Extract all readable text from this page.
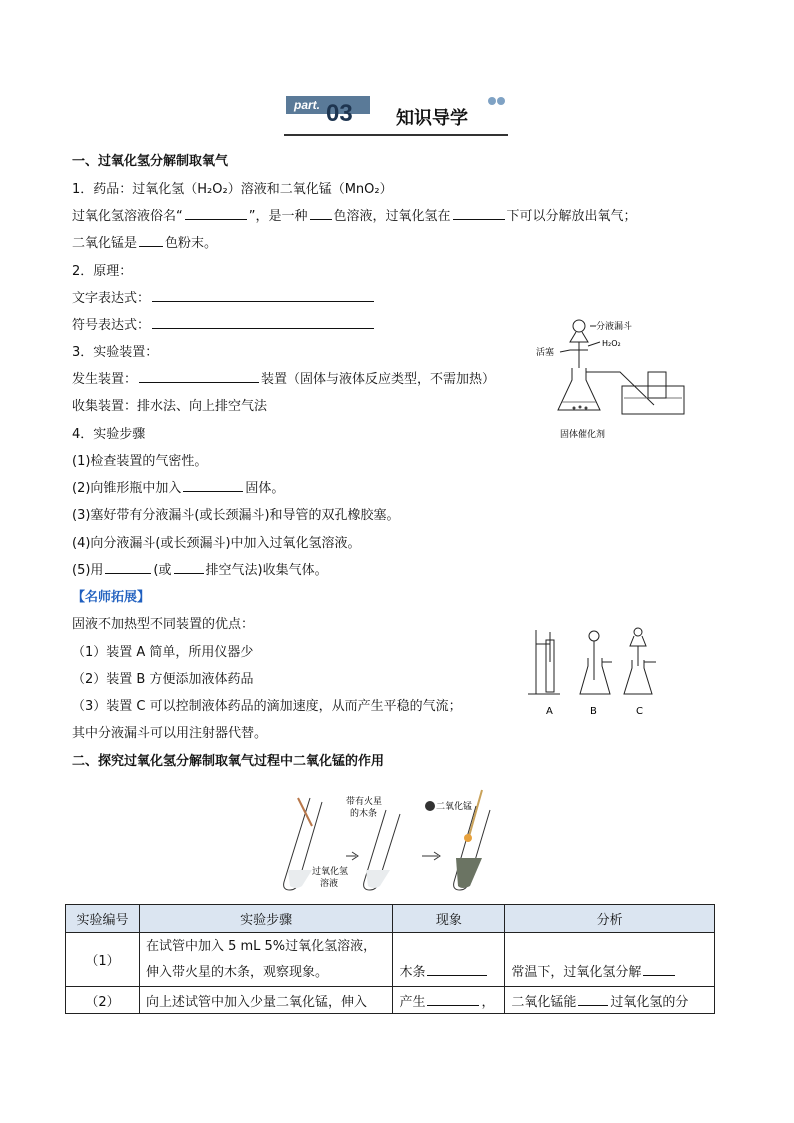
part. 03 知识导学
一、过氧化氢分解制取氧气
1．药品：过氧化氢（H₂O₂）溶液和二氧化锰（MnO₂）
过氧化氢溶液俗名“	”，是一种 色溶液，过氧化氢在	下可以分解放出氧气；
二氧化锰是 色粉末。
2．原理：
文字表达式：
符号表达式：
3．实验装置：
发生装置：	装置（固体与液体反应类型，不需加热）
收集装置：排水法、向上排空气法
4．实验步骤
(1)检查装置的气密性。
(2)向锥形瓶中加入	固体。
(3)塞好带有分液漏斗(或长颈漏斗)和导管的双孔橡胶塞。
(4)向分液漏斗(或长颈漏斗)中加入过氧化氢溶液。
(5)用	(或	排空气法)收集气体。
【名师拓展】
固液不加热型不同装置的优点：
（1）装置 A 简单，所用仪器少
（2）装置 B 方便添加液体药品
（3）装置 C 可以控制液体药品的滴加速度，从而产生平稳的气流；
其中分液漏斗可以用注射器代替。
分液漏斗
H₂O₂
活塞
固体催化剂
A	B	C
二、探究过氧化氢分解制取氧气过程中二氧化锰的作用
带有火星
的木条
二氧化锰
过氧化氢
溶液
实验编号	实验步骤	现象	分析
（1）	在试管中加入 5 mL 5%过氧化氢溶液，
伸入带火星的木条，观察现象。	木条	常温下，过氧化氢分解
（2）	向上述试管中加入少量二氧化锰，伸入	产生 ，	二氧化锰能 过氧化氢的分
